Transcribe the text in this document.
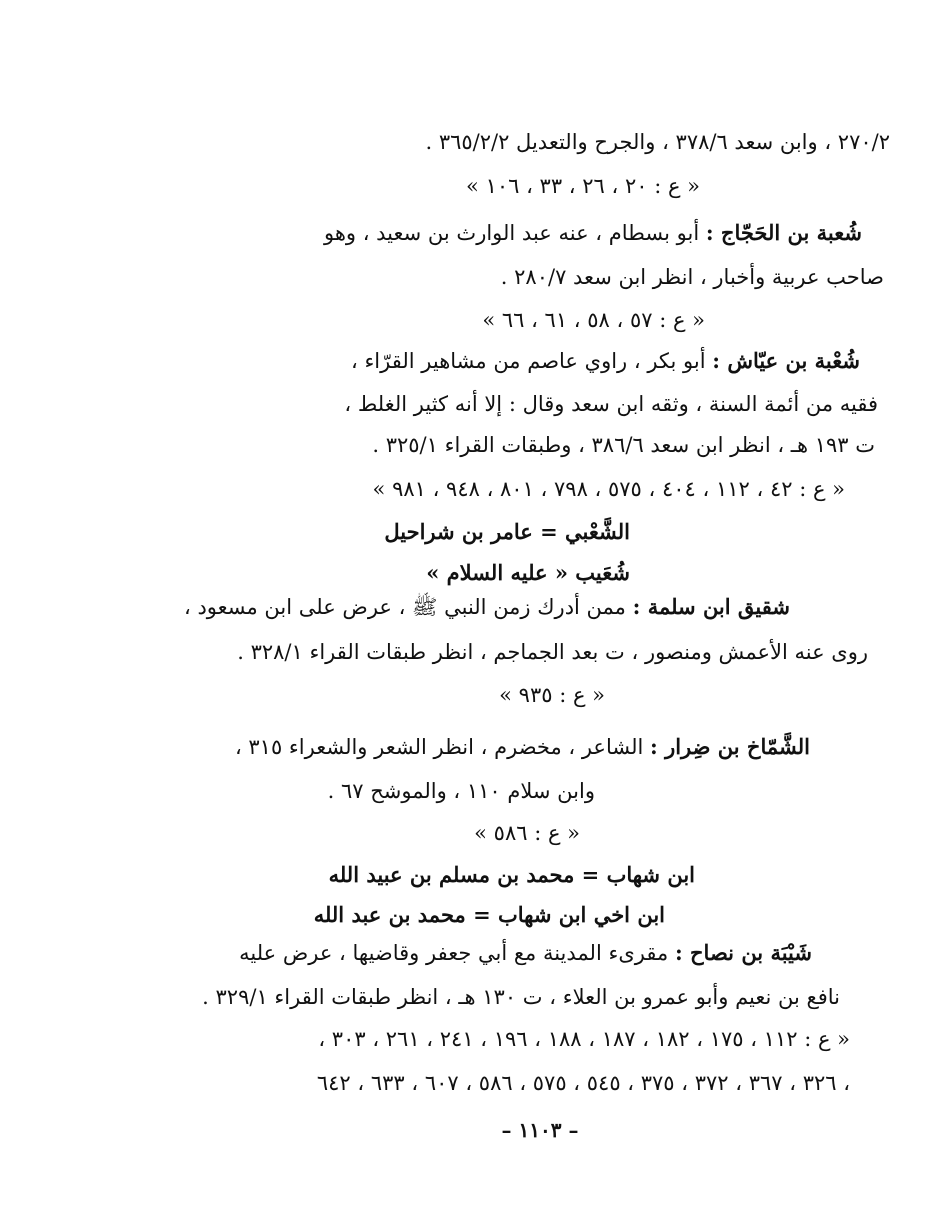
٢٧٠/٢ ، وابن سعد ٣٧٨/٦ ، والجرح والتعديل ٣٦٥/٢/٢ .
« ع : ٢٠ ، ٢٦ ، ٣٣ ، ١٠٦ »
شُعبة بن الحَجّاج : أبو بسطام ، عنه عبد الوارث بن سعيد ، وهو
صاحب عربية وأخبار ، انظر ابن سعد ٢٨٠/٧ .
« ع : ٥٧ ، ٥٨ ، ٦١ ، ٦٦ »
شُعْبة بن عيّاش : أبو بكر ، راوي عاصم من مشاهير القرّاء ،
فقيه من أئمة السنة ، وثقه ابن سعد وقال : إلا أنه كثير الغلط ،
ت ١٩٣ هـ ، انظر ابن سعد ٣٨٦/٦ ، وطبقات القراء ٣٢٥/١ .
« ع : ٤٢ ، ١١٢ ، ٤٠٤ ، ٥٧٥ ، ٧٩٨ ، ٨٠١ ، ٩٤٨ ، ٩٨١ »
الشَّعْبي = عامر بن شراحيل
شُعَيب « عليه السلام »
شقيق ابن سلمة : ممن أدرك زمن النبي ﷺ ، عرض على ابن مسعود ،
روى عنه الأعمش ومنصور ، ت بعد الجماجم ، انظر طبقات القراء ٣٢٨/١ .
« ع : ٩٣٥ »
الشَّمّاخ بن ضِرار : الشاعر ، مخضرم ، انظر الشعر والشعراء ٣١٥ ،
وابن سلام ١١٠ ، والموشح ٦٧ .
« ع : ٥٨٦ »
ابن شهاب = محمد بن مسلم بن عبيد الله
ابن اخي ابن شهاب = محمد بن عبد الله
شَيْبَة بن نصاح : مقرىء المدينة مع أبي جعفر وقاضيها ، عرض عليه
نافع بن نعيم وأبو عمرو بن العلاء ، ت ١٣٠ هـ ، انظر طبقات القراء ٣٢٩/١ .
« ع : ١١٢ ، ١٧٥ ، ١٨٢ ، ١٨٧ ، ١٨٨ ، ١٩٦ ، ٢٤١ ، ٢٦١ ، ٣٠٣ ،
٣٢٦ ، ٣٦٧ ، ٣٧٢ ، ٣٧٥ ، ٥٤٥ ، ٥٧٥ ، ٥٨٦ ، ٦٠٧ ، ٦٣٣ ، ٦٤٢ ،
– ١١٠٣ –
